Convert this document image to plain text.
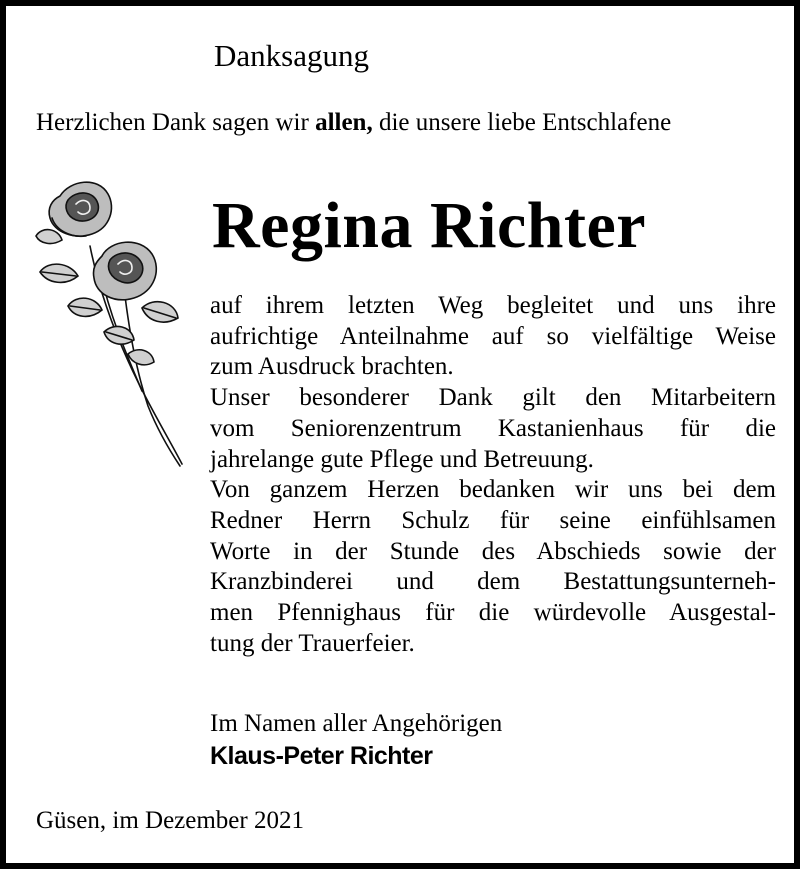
Danksagung
Herzlichen Dank sagen wir allen, die unsere liebe Entschlafene
Regina Richter
auf ihrem letzten Weg begleitet und uns ihre
aufrichtige Anteilnahme auf so vielfältige Weise
zum Ausdruck brachten.
Unser besonderer Dank gilt den Mitarbeitern
vom Seniorenzentrum Kastanienhaus für die
jahrelange gute Pflege und Betreuung.
Von ganzem Herzen bedanken wir uns bei dem
Redner Herrn Schulz für seine einfühlsamen
Worte in der Stunde des Abschieds sowie der
Kranzbinderei und dem Bestattungsunterneh-
men Pfennighaus für die würdevolle Ausgestal-
tung der Trauerfeier.
Im Namen aller Angehörigen
Klaus-Peter Richter
Güsen, im Dezember 2021
